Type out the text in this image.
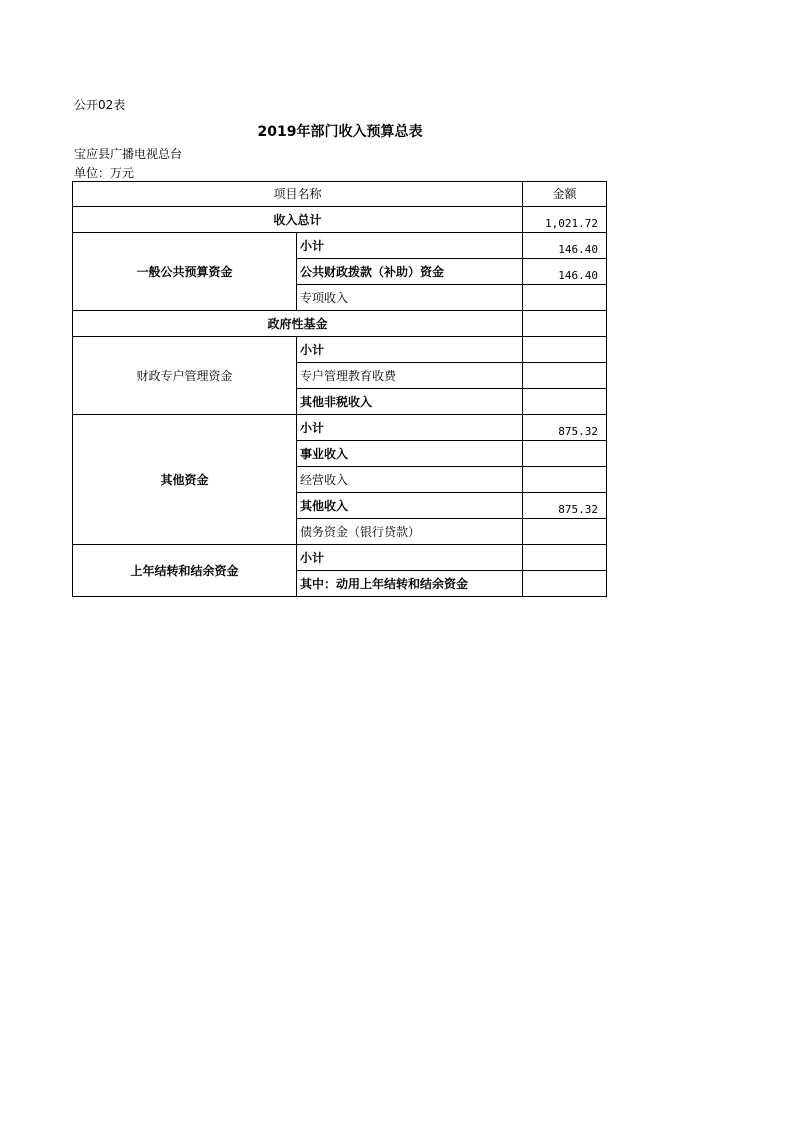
公开02表
2019年部门收入预算总表
宝应县广播电视总台
单位：万元
项目名称		金额
收入总计		1,021.72
一般公共预算资金	小计	146.40
	公共财政拨款（补助）资金	146.40
	专项收入	
政府性基金		
财政专户管理资金	小计	
	专户管理教育收费	
	其他非税收入	
其他资金	小计	875.32
	事业收入	
	经营收入	
	其他收入	875.32
	债务资金（银行贷款）	
上年结转和结余资金	小计	
	其中：动用上年结转和结余资金	
